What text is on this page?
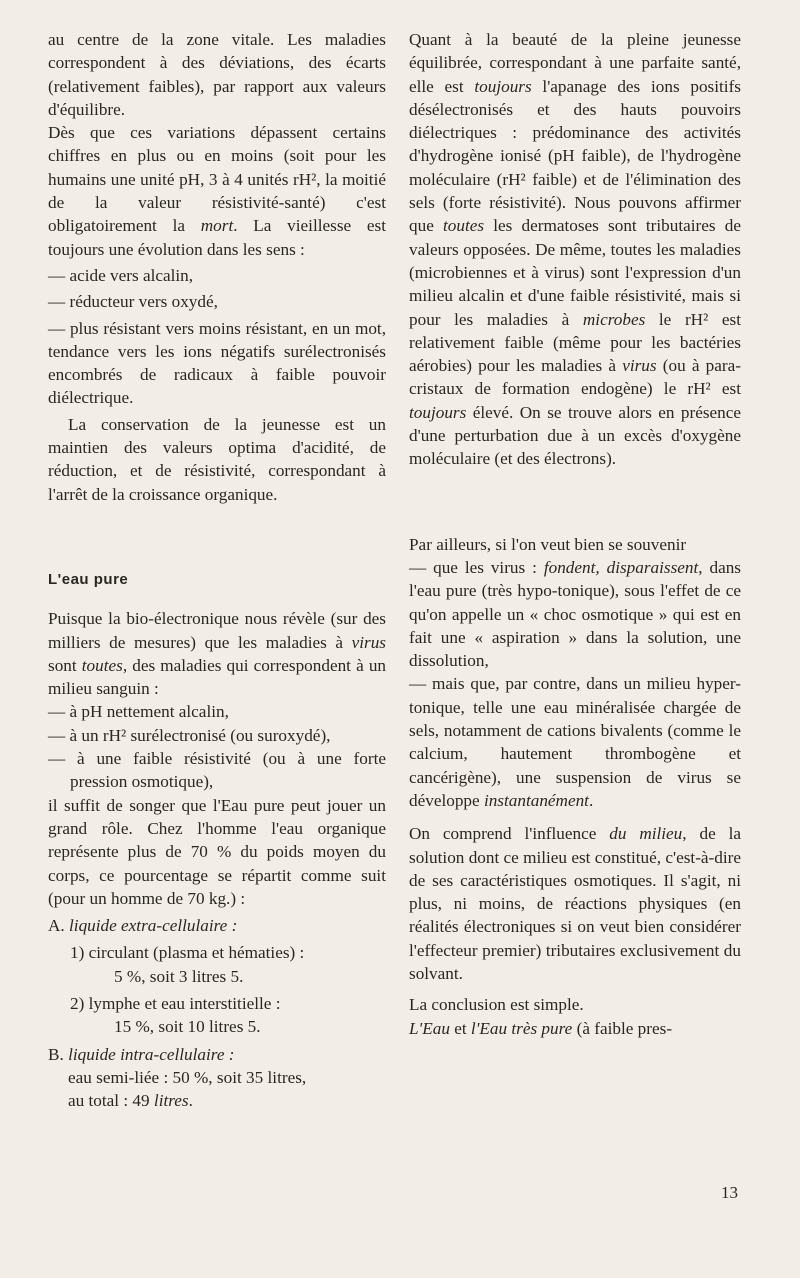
au centre de la zone vitale. Les maladies correspondent à des déviations, des écarts (relativement faibles), par rapport aux valeurs d'équilibre.

Dès que ces variations dépassent certains chiffres en plus ou en moins (soit pour les humains une unité pH, 3 à 4 unités rH², la moitié de la valeur résistivité-santé) c'est obligatoirement la mort. La vieillesse est toujours une évolution dans les sens :

— acide vers alcalin,

— réducteur vers oxydé,

— plus résistant vers moins résistant, en un mot, tendance vers les ions négatifs surélectronisés encombrés de radicaux à faible pouvoir diélectrique.

La conservation de la jeunesse est un maintien des valeurs optima d'acidité, de réduction, et de résistivité, correspondant à l'arrêt de la croissance organique.

L'eau pure

Puisque la bio-électronique nous révèle (sur des milliers de mesures) que les maladies à virus sont toutes, des maladies qui correspondent à un milieu sanguin :

— à pH nettement alcalin,

— à un rH² surélectronisé (ou suroxydé),

— à une faible résistivité (ou à une forte pression osmotique),

il suffit de songer que l'Eau pure peut jouer un grand rôle. Chez l'homme l'eau organique représente plus de 70 % du poids moyen du corps, ce pourcentage se répartit comme suit (pour un homme de 70 kg.) :

A. liquide extra-cellulaire :

1) circulant (plasma et hématies) :
5 %, soit 3 litres 5.

2) lymphe et eau interstitielle :
15 %, soit 10 litres 5.

B. liquide intra-cellulaire :

eau semi-liée : 50 %, soit 35 litres,

au total : 49 litres.

Quant à la beauté de la pleine jeunesse équilibrée, correspondant à une parfaite santé, elle est toujours l'apanage des ions positifs désélectronisés et des hauts pouvoirs diélectriques : prédominance des activités d'hydrogène ionisé (pH faible), de l'hydrogène moléculaire (rH² faible) et de l'élimination des sels (forte résistivité). Nous pouvons affirmer que toutes les dermatoses sont tributaires de valeurs opposées. De même, toutes les maladies (microbiennes et à virus) sont l'expression d'un milieu alcalin et d'une faible résistivité, mais si pour les maladies à microbes le rH² est relativement faible (même pour les bactéries aérobies) pour les maladies à virus (ou à para-cristaux de formation endogène) le rH² est toujours élevé. On se trouve alors en présence d'une perturbation due à un excès d'oxygène moléculaire (et des électrons).

Par ailleurs, si l'on veut bien se souvenir

— que les virus : fondent, disparaissent, dans l'eau pure (très hypo-tonique), sous l'effet de ce qu'on appelle un « choc osmotique » qui est en fait une « aspiration » dans la solution, une dissolution,

— mais que, par contre, dans un milieu hyper-tonique, telle une eau minéralisée chargée de sels, notamment de cations bivalents (comme le calcium, hautement thrombogène et cancérigène), une suspension de virus se développe instantanément.

On comprend l'influence du milieu, de la solution dont ce milieu est constitué, c'est-à-dire de ses caractéristiques osmotiques. Il s'agit, ni plus, ni moins, de réactions physiques (en réalités électroniques si on veut bien considérer l'effecteur premier) tributaires exclusivement du solvant.

La conclusion est simple.

L'Eau et l'Eau très pure (à faible pres-

13
